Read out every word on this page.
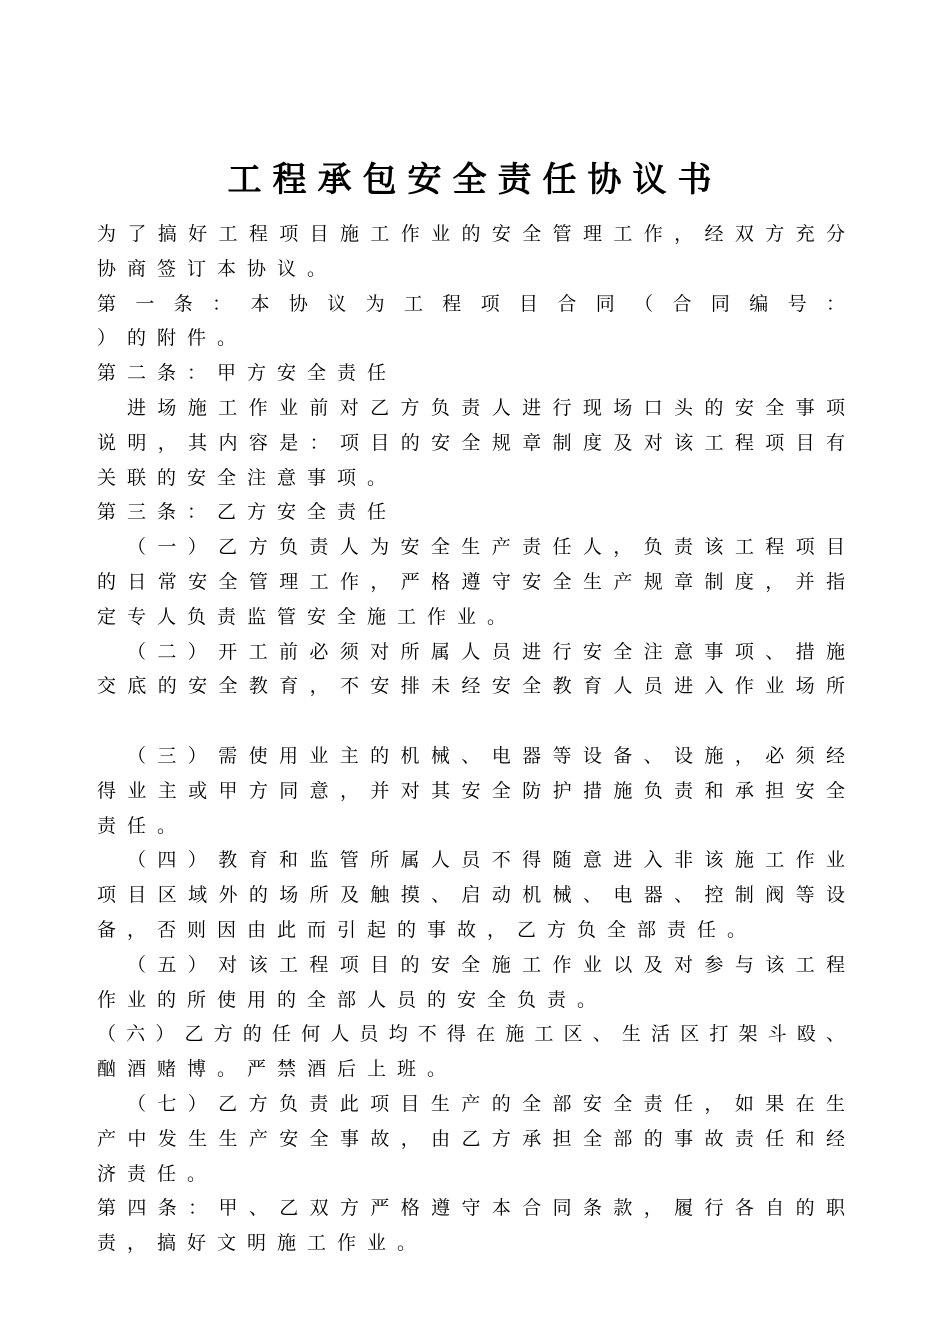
工程承包安全责任协议书
为了搞好工程项目施工作业的安全管理工作，经双方充分
协商签订本协议。
第一条：本协议为工程项目合同（合同编号：
）的附件。
第二条：甲方安全责任
进场施工作业前对乙方负责人进行现场口头的安全事项
说明，其内容是：项目的安全规章制度及对该工程项目有
关联的安全注意事项。
第三条：乙方安全责任
（一）乙方负责人为安全生产责任人，负责该工程项目
的日常安全管理工作，严格遵守安全生产规章制度，并指
定专人负责监管安全施工作业。
（二）开工前必须对所属人员进行安全注意事项、措施
交底的安全教育，不安排未经安全教育人员进入作业场所
（三）需使用业主的机械、电器等设备、设施，必须经
得业主或甲方同意，并对其安全防护措施负责和承担安全
责任。
（四）教育和监管所属人员不得随意进入非该施工作业
项目区域外的场所及触摸、启动机械、电器、控制阀等设
备，否则因由此而引起的事故，乙方负全部责任。
（五）对该工程项目的安全施工作业以及对参与该工程
作业的所使用的全部人员的安全负责。
（六）乙方的任何人员均不得在施工区、生活区打架斗殴、
酗酒赌博。严禁酒后上班。
（七）乙方负责此项目生产的全部安全责任，如果在生
产中发生生产安全事故，由乙方承担全部的事故责任和经
济责任。
第四条：甲、乙双方严格遵守本合同条款，履行各自的职
责，搞好文明施工作业。
